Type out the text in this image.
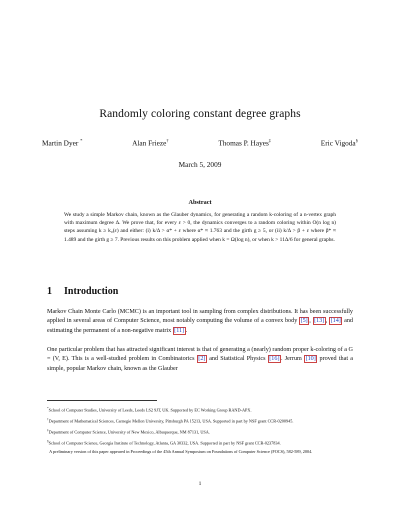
Randomly coloring constant degree graphs
Martin Dyer *	Alan Frieze†	Thomas P. Hayes‡	Eric Vigoda§
March 5, 2009
Abstract
We study a simple Markov chain, known as the Glauber dynamics, for generating a random k-coloring of a n-vertex graph with maximum degree Δ. We prove that, for every ε > 0, the dynamics converges to a random coloring within O(n log n) steps assuming k ≥ k₀(ε) and either: (i) k/Δ > α* + ε where α* ≈ 1.763 and the girth g ≥ 5, or (ii) k/Δ > β + ε where β* ≈ 1.489 and the girth g ≥ 7. Previous results on this problem applied when k = Ω(log n), or when k > 11Δ/6 for general graphs.
1 Introduction
Markov Chain Monte Carlo (MCMC) is an important tool in sampling from complex distributions. It has been successfully applied in several areas of Computer Science, most notably computing the volume of a convex body [5] , [13] , [14] and estimating the permanent of a non-negative matrix [11] .
One particular problem that has attracted significant interest is that of generating a (nearly) random proper k-coloring of a G = (V, E). This is a well-studied problem in Combinatorics [2] and Statistical Physics [16] . Jerrum [10] proved that a simple, popular Markov chain, known as the Glauber
*School of Computer Studies, University of Leeds, Leeds LS2 9JT, UK. Supported by EC Working Group RAND-APX.
†Department of Mathematical Sciences, Carnegie Mellon University, Pittsburgh PA 15213, USA. Supported in part by NSF grant CCR-0200945.
‡Department of Computer Science, University of New Mexico, Albuquerque, NM 87131, USA.
§School of Computer Science, Georgia Institute of Technology, Atlanta, GA 30332, USA. Supported in part by NSF grant CCR-0237834.
A preliminary version of this paper appeared in Proceedings of the 45th Annual Symposium on Foundations of Computer Science (FOCS), 582-589, 2004.
1
